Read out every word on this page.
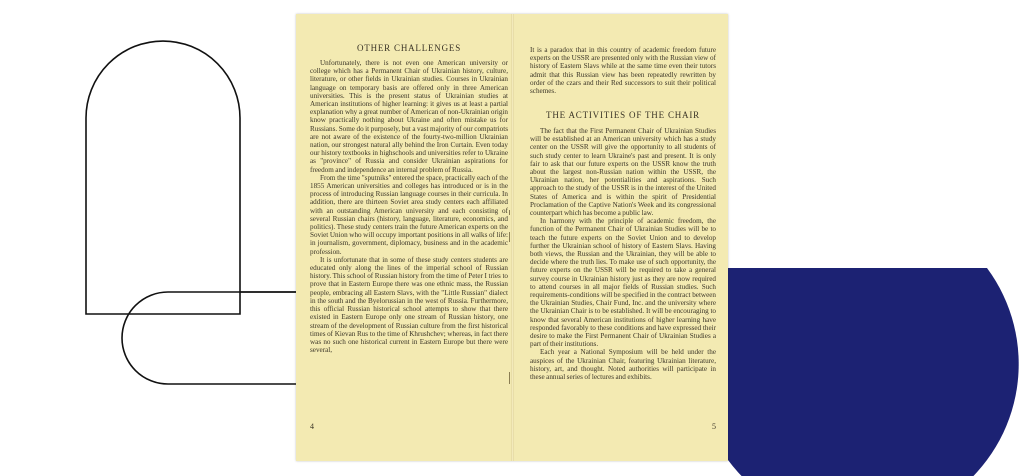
OTHER CHALLENGES

Unfortunately, there is not even one American university or college which has a Permanent Chair of Ukrainian history, culture, literature, or other fields in Ukrainian studies. Courses in Ukrainian language on temporary basis are offered only in three American universities. This is the present status of Ukrainian studies at American institutions of higher learning: it gives us at least a partial explanation why a great number of American of non-Ukrainian origin know practically nothing about Ukraine and often mistake us for Russians. Some do it purposely, but a vast majority of our compatriots are not aware of the existence of the fourty-two-million Ukrainian nation, our strongest natural ally behind the Iron Curtain. Even today our history textbooks in highschools and universities refer to Ukraine as "province" of Russia and consider Ukrainian aspirations for freedom and independence an internal problem of Russia.

From the time "sputniks" entered the space, practically each of the 1855 American universities and colleges has introduced or is in the process of introducing Russian language courses in their curricula. In addition, there are thirteen Soviet area study centers each affiliated with an outstanding American university and each consisting of several Russian chairs (history, language, literature, economics, and politics). These study centers train the future American experts on the Soviet Union who will occupy important positions in all walks of life: in journalism, government, diplomacy, business and in the academic profession.

It is unfortunate that in some of these study centers students are educated only along the lines of the imperial school of Russian history. This school of Russian history from the time of Peter I tries to prove that in Eastern Europe there was one ethnic mass, the Russian people, embracing all Eastern Slavs, with the "Little Russian" dialect in the south and the Byelorussian in the west of Russia. Furthermore, this official Russian historical school attempts to show that there existed in Eastern Europe only one stream of Russian history, one stream of the development of Russian culture from the first historical times of Kievan Rus to the time of Khrushchev; whereas, in fact there was no such one historical current in Eastern Europe but there were several,

4

It is a paradox that in this country of academic freedom future experts on the USSR are presented only with the Russian view of history of Eastern Slavs while at the same time even their tutors admit that this Russian view has been repeatedly rewritten by order of the czars and their Red successors to suit their political schemes.

THE ACTIVITIES OF THE CHAIR

The fact that the First Permanent Chair of Ukrainian Studies will be established at an American university which has a study center on the USSR will give the opportunity to all students of such study center to learn Ukraine's past and present. It is only fair to ask that our future experts on the USSR know the truth about the largest non-Russian nation within the USSR, the Ukrainian nation, her potentialities and aspirations. Such approach to the study of the USSR is in the interest of the United States of America and is within the spirit of Presidential Proclamation of the Captive Nation's Week and its congressional counterpart which has become a public law.

In harmony with the principle of academic freedom, the function of the Permanent Chair of Ukrainian Studies will be to teach the future experts on the Soviet Union and to develop further the Ukrainian school of history of Eastern Slavs. Having both views, the Russian and the Ukrainian, they will be able to decide where the truth lies. To make use of such opportunity, the future experts on the USSR will be required to take a general survey course in Ukrainian history just as they are now required to attend courses in all major fields of Russian studies. Such requirements-conditions will be specified in the contract between the Ukrainian Studies, Chair Fund, Inc. and the university where the Ukrainian Chair is to be established. It will be encouraging to know that several American institutions of higher learning have responded favorably to these conditions and have expressed their desire to make the First Permanent Chair of Ukrainian Studies a part of their institutions.

Each year a National Symposium will be held under the auspices of the Ukrainian Chair, featuring Ukrainian literature, history, art, and thought. Noted authorities will participate in these annual series of lectures and exhibits.

5
